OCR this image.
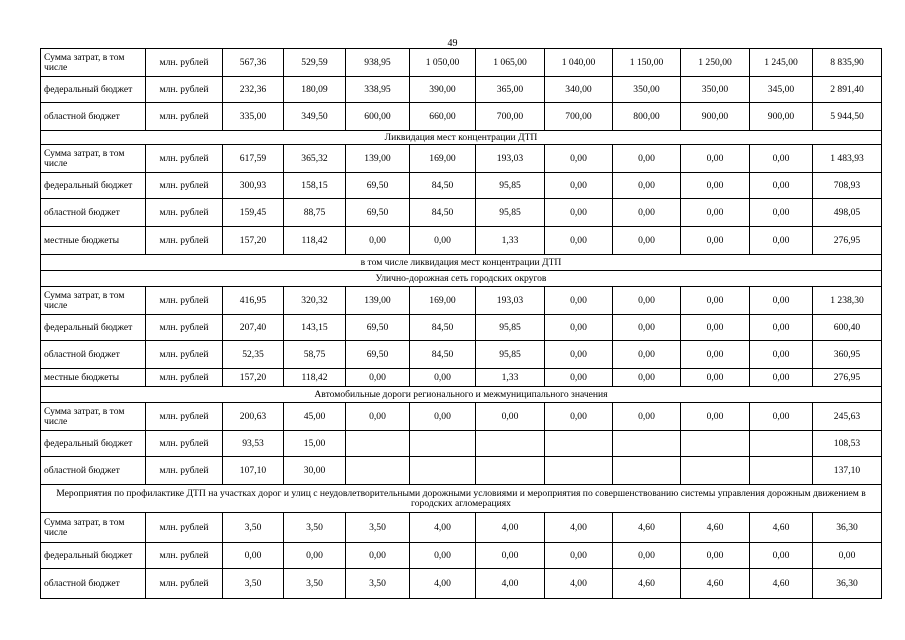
49
Сумма затрат, в том числе	млн. рублей	567,36	529,59	938,95	1 050,00	1 065,00	1 040,00	1 150,00	1 250,00	1 245,00	8 835,90
федеральный бюджет	млн. рублей	232,36	180,09	338,95	390,00	365,00	340,00	350,00	350,00	345,00	2 891,40
областной бюджет	млн. рублей	335,00	349,50	600,00	660,00	700,00	700,00	800,00	900,00	900,00	5 944,50
Ликвидация мест концентрации ДТП											
Сумма затрат, в том числе	млн. рублей	617,59	365,32	139,00	169,00	193,03	0,00	0,00	0,00	0,00	1 483,93
федеральный бюджет	млн. рублей	300,93	158,15	69,50	84,50	95,85	0,00	0,00	0,00	0,00	708,93
областной бюджет	млн. рублей	159,45	88,75	69,50	84,50	95,85	0,00	0,00	0,00	0,00	498,05
местные бюджеты	млн. рублей	157,20	118,42	0,00	0,00	1,33	0,00	0,00	0,00	0,00	276,95
в том числе ликвидация мест концентрации ДТП											
Улично-дорожная сеть городских округов											
Сумма затрат, в том числе	млн. рублей	416,95	320,32	139,00	169,00	193,03	0,00	0,00	0,00	0,00	1 238,30
федеральный бюджет	млн. рублей	207,40	143,15	69,50	84,50	95,85	0,00	0,00	0,00	0,00	600,40
областной бюджет	млн. рублей	52,35	58,75	69,50	84,50	95,85	0,00	0,00	0,00	0,00	360,95
местные бюджеты	млн. рублей	157,20	118,42	0,00	0,00	1,33	0,00	0,00	0,00	0,00	276,95
Автомобильные дороги регионального и межмуниципального значения											
Сумма затрат, в том числе	млн. рублей	200,63	45,00	0,00	0,00	0,00	0,00	0,00	0,00	0,00	245,63
федеральный бюджет	млн. рублей	93,53	15,00								108,53
областной бюджет	млн. рублей	107,10	30,00								137,10
Мероприятия по профилактике ДТП на участках дорог и улиц с неудовлетворительными дорожными условиями и мероприятия по совершенствованию системы управления дорожным движением в городских агломерациях											
Сумма затрат, в том числе	млн. рублей	3,50	3,50	3,50	4,00	4,00	4,00	4,60	4,60	4,60	36,30
федеральный бюджет	млн. рублей	0,00	0,00	0,00	0,00	0,00	0,00	0,00	0,00	0,00	0,00
областной бюджет	млн. рублей	3,50	3,50	3,50	4,00	4,00	4,00	4,60	4,60	4,60	36,30
